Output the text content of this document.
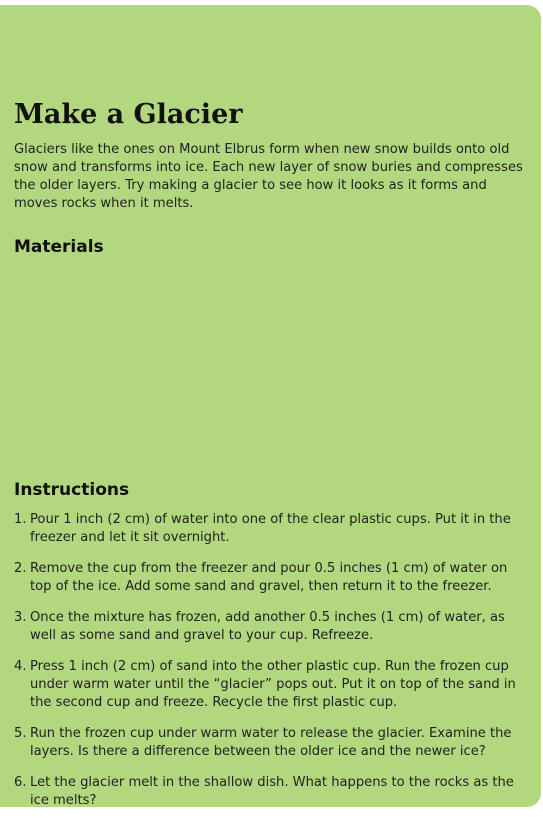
Make a Glacier

Glaciers like the ones on Mount Elbrus form when new snow builds onto old snow and transforms into ice. Each new layer of snow buries and compresses the older layers. Try making a glacier to see how it looks as it forms and moves rocks when it melts.

Materials
Instructions
1. Pour 1 inch (2 cm) of water into one of the clear plastic cups. Put it in the freezer and let it sit overnight.
2. Remove the cup from the freezer and pour 0.5 inches (1 cm) of water on top of the ice. Add some sand and gravel, then return it to the freezer.
3. Once the mixture has frozen, add another 0.5 inches (1 cm) of water, as well as some sand and gravel to your cup. Refreeze.
4. Press 1 inch (2 cm) of sand into the other plastic cup. Run the frozen cup under warm water until the “glacier” pops out. Put it on top of the sand in the second cup and freeze. Recycle the first plastic cup.
5. Run the frozen cup under warm water to release the glacier. Examine the layers. Is there a difference between the older ice and the newer ice?
6. Let the glacier melt in the shallow dish. What happens to the rocks as the ice melts?
